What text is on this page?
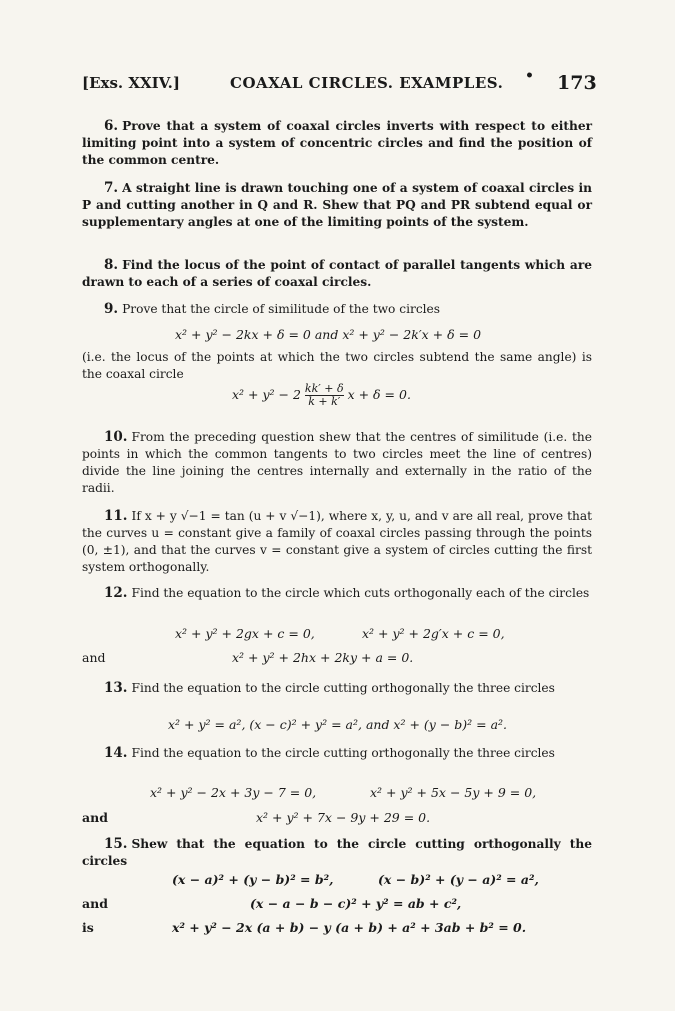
[Exs. XXIV.]	COAXAL CIRCLES. EXAMPLES. • 173

6. Prove that a system of coaxal circles inverts with respect to either limiting point into a system of concentric circles and find the position of the common centre.

7. A straight line is drawn touching one of a system of coaxal circles in P and cutting another in Q and R. Shew that PQ and PR subtend equal or supplementary angles at one of the limiting points of the system.

8. Find the locus of the point of contact of parallel tangents which are drawn to each of a series of coaxal circles.

9. Prove that the circle of similitude of the two circles

x² + y² − 2kx + δ = 0 and x² + y² − 2k′x + δ = 0

(i.e. the locus of the points at which the two circles subtend the same angle) is the coaxal circle

$x^2 + y^2 - 2 \frac{kk' + \delta}{k + k'}$ x + δ = 0.

10. From the preceding question shew that the centres of similitude (i.e. the points in which the common tangents to two circles meet the line of centres) divide the line joining the centres internally and externally in the ratio of the radii.

11. If x + y √−1 = tan (u + v √−1), where x, y, u, and v are all real, prove that the curves u = constant give a family of coaxal circles passing through the points (0, ±1), and that the curves v = constant give a system of circles cutting the first system orthogonally.

12. Find the equation to the circle which cuts orthogonally each of the circles

x² + y² + 2gx + c = 0,	x² + y² + 2g′x + c = 0,
and	x² + y² + 2hx + 2ky + a = 0.

13. Find the equation to the circle cutting orthogonally the three circles

x² + y² = a², (x − c)² + y² = a², and x² + (y − b)² = a².

14. Find the equation to the circle cutting orthogonally the three circles

x² + y² − 2x + 3y − 7 = 0,	x² + y² + 5x − 5y + 9 = 0,
and	x² + y² + 7x − 9y + 29 = 0.

15. Shew that the equation to the circle cutting orthogonally the circles

(x − a)² + (y − b)² = b²,	(x − b)² + (y − a)² = a²,
and	(x − a − b − c)² + y² = ab + c²,
is	x² + y² − 2x (a + b) − y (a + b) + a² + 3ab + b² = 0.
